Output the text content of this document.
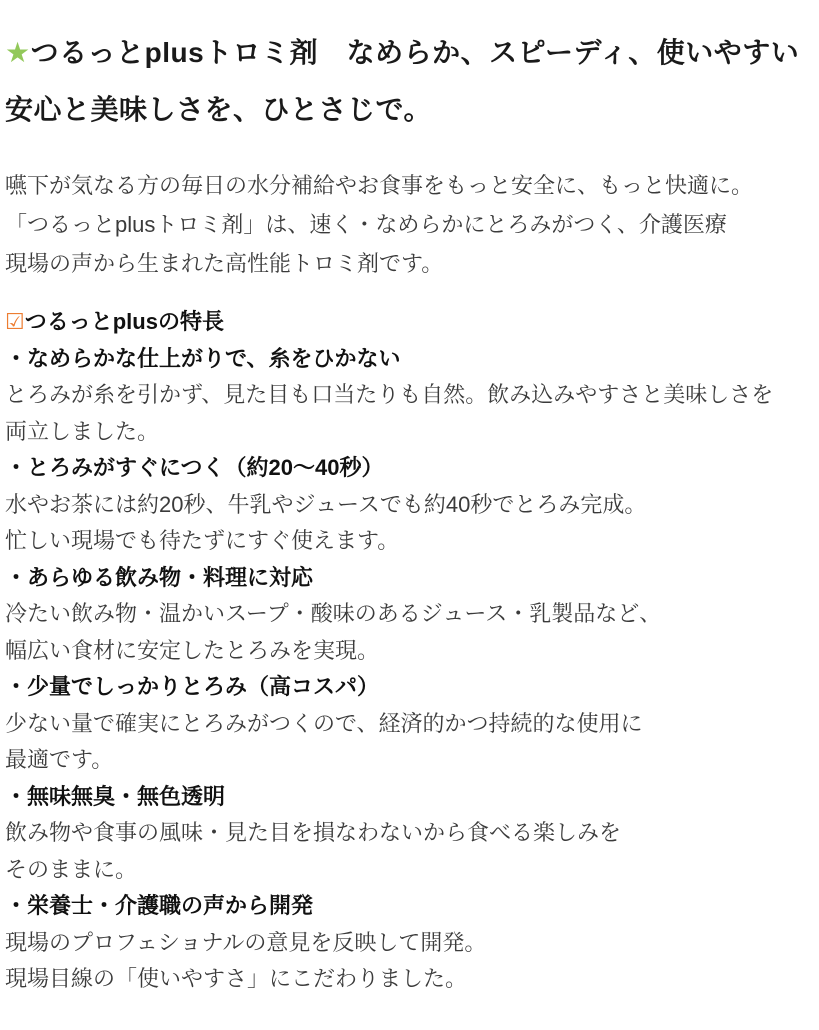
★つるっとplusトロミ剤　なめらか、スピーディ、使いやすい
安心と美味しさを、ひとさじで。

嚥下が気なる方の毎日の水分補給やお食事をもっと安全に、もっと快適に。
「つるっとplusトロミ剤」は、速く・なめらかにとろみがつく、介護医療
現場の声から生まれた高性能トロミ剤です。

☑つるっとplusの特長
・なめらかな仕上がりで、糸をひかない
とろみが糸を引かず、見た目も口当たりも自然。飲み込みやすさと美味しさを
両立しました。
・とろみがすぐにつく（約20～40秒）
水やお茶には約20秒、牛乳やジュースでも約40秒でとろみ完成。
忙しい現場でも待たずにすぐ使えます。
・あらゆる飲み物・料理に対応
冷たい飲み物・温かいスープ・酸味のあるジュース・乳製品など、
幅広い食材に安定したとろみを実現。
・少量でしっかりとろみ（高コスパ）
少ない量で確実にとろみがつくので、経済的かつ持続的な使用に
最適です。
・無味無臭・無色透明
飲み物や食事の風味・見た目を損なわないから食べる楽しみを
そのままに。
・栄養士・介護職の声から開発
現場のプロフェショナルの意見を反映して開発。
現場目線の「使いやすさ」にこだわりました。
